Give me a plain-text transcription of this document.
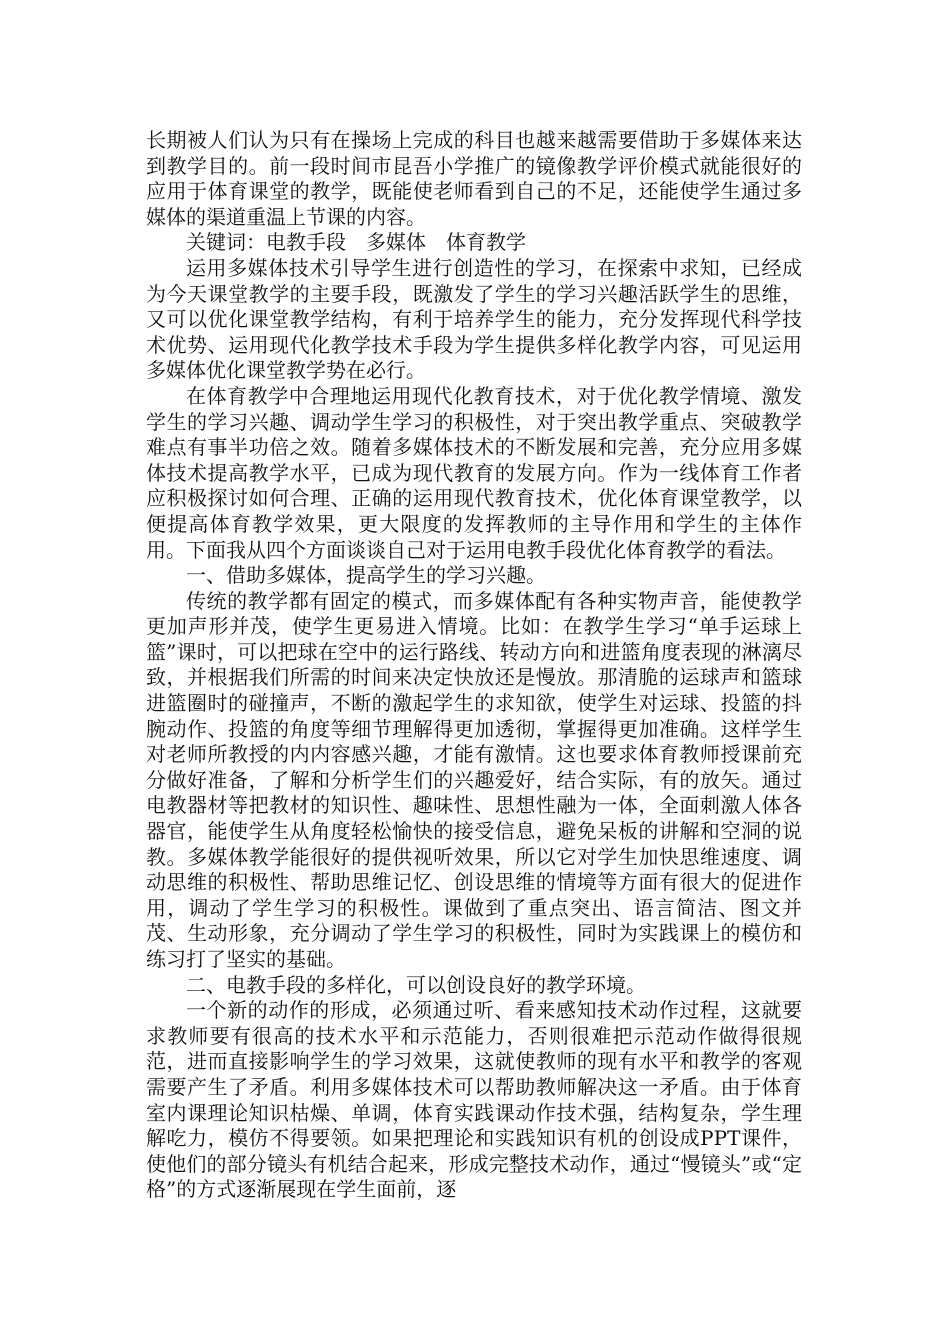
长期被人们认为只有在操场上完成的科目也越来越需要借助于多媒体来达到教学目的。前一段时间市昆吾小学推广的镜像教学评价模式就能很好的应用于体育课堂的教学，既能使老师看到自己的不足，还能使学生通过多媒体的渠道重温上节课的内容。

关键词：电教手段　多媒体　体育教学

运用多媒体技术引导学生进行创造性的学习，在探索中求知，已经成为今天课堂教学的主要手段，既激发了学生的学习兴趣活跃学生的思维，又可以优化课堂教学结构，有利于培养学生的能力，充分发挥现代科学技术优势、运用现代化教学技术手段为学生提供多样化教学内容，可见运用多媒体优化课堂教学势在必行。

在体育教学中合理地运用现代化教育技术，对于优化教学情境、激发学生的学习兴趣、调动学生学习的积极性，对于突出教学重点、突破教学难点有事半功倍之效。随着多媒体技术的不断发展和完善，充分应用多媒体技术提高教学水平，已成为现代教育的发展方向。作为一线体育工作者应积极探讨如何合理、正确的运用现代教育技术，优化体育课堂教学，以便提高体育教学效果，更大限度的发挥教师的主导作用和学生的主体作用。下面我从四个方面谈谈自己对于运用电教手段优化体育教学的看法。

一、借助多媒体，提高学生的学习兴趣。

传统的教学都有固定的模式，而多媒体配有各种实物声音，能使教学更加声形并茂，使学生更易进入情境。比如：在教学生学习“单手运球上篮”课时，可以把球在空中的运行路线、转动方向和进篮角度表现的淋漓尽致，并根据我们所需的时间来决定快放还是慢放。那清脆的运球声和篮球进篮圈时的碰撞声，不断的激起学生的求知欲，使学生对运球、投篮的抖腕动作、投篮的角度等细节理解得更加透彻，掌握得更加准确。这样学生对老师所教授的内内容感兴趣，才能有激情。这也要求体育教师授课前充分做好准备，了解和分析学生们的兴趣爱好，结合实际，有的放矢。通过电教器材等把教材的知识性、趣味性、思想性融为一体，全面刺激人体各器官，能使学生从角度轻松愉快的接受信息，避免呆板的讲解和空洞的说教。多媒体教学能很好的提供视听效果，所以它对学生加快思维速度、调动思维的积极性、帮助思维记忆、创设思维的情境等方面有很大的促进作用，调动了学生学习的积极性。课做到了重点突出、语言简洁、图文并茂、生动形象，充分调动了学生学习的积极性，同时为实践课上的模仿和练习打了坚实的基础。

二、电教手段的多样化，可以创设良好的教学环境。

一个新的动作的形成，必须通过听、看来感知技术动作过程，这就要求教师要有很高的技术水平和示范能力，否则很难把示范动作做得很规范，进而直接影响学生的学习效果，这就使教师的现有水平和教学的客观需要产生了矛盾。利用多媒体技术可以帮助教师解决这一矛盾。由于体育室内课理论知识枯燥、单调，体育实践课动作技术强，结构复杂，学生理解吃力，模仿不得要领。如果把理论和实践知识有机的创设成PPT课件，使他们的部分镜头有机结合起来，形成完整技术动作，通过“慢镜头”或“定格”的方式逐渐展现在学生面前，逐
